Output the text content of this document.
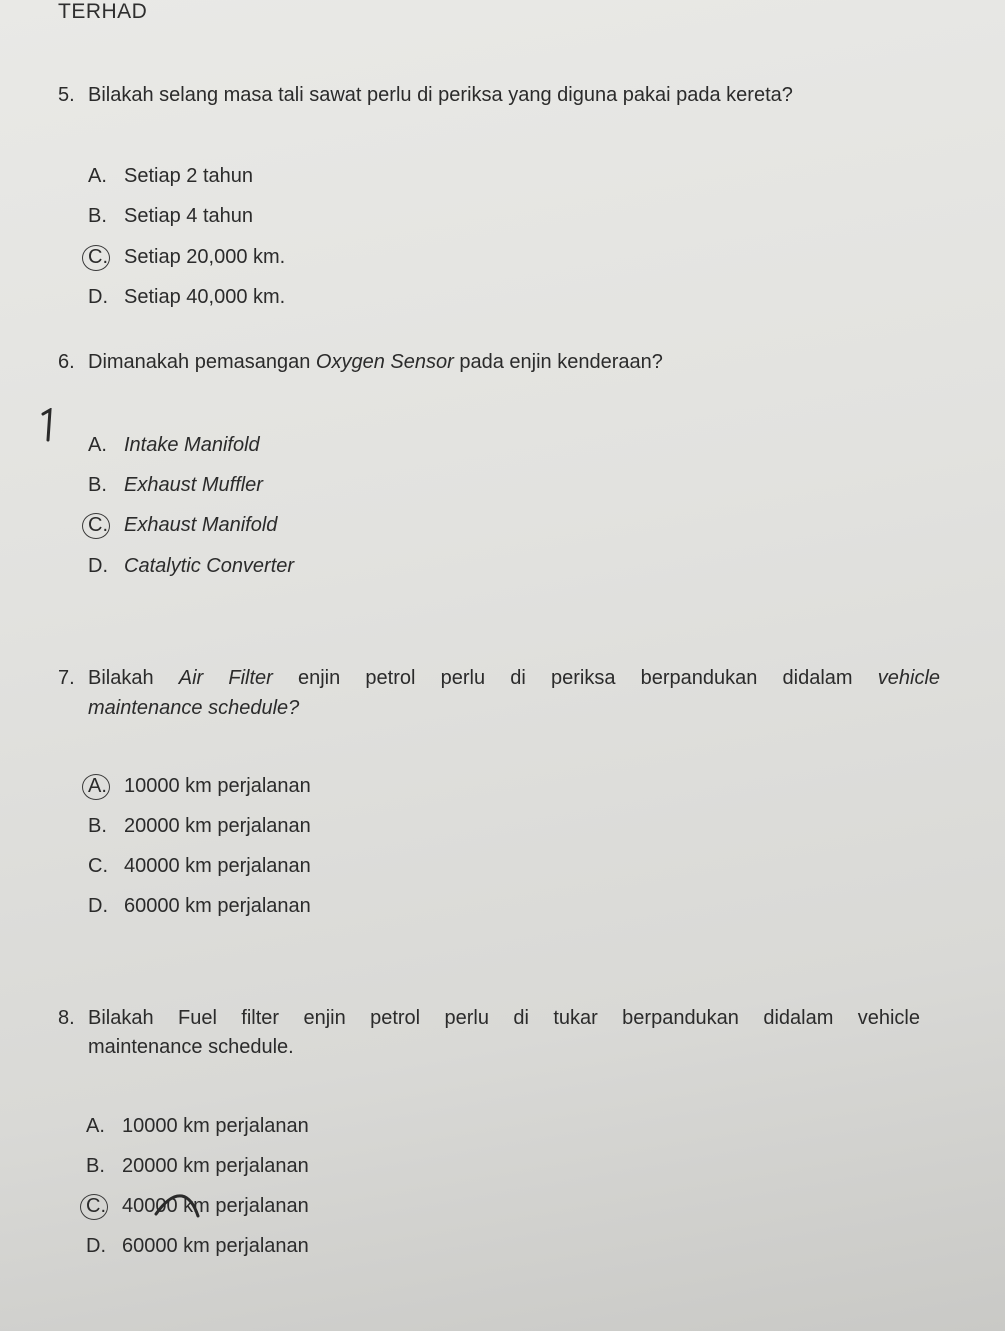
TERHAD
5. Bilakah selang masa tali sawat perlu di periksa yang diguna pakai pada kereta?
A. Setiap 2 tahun
B. Setiap 4 tahun
C. Setiap 20,000 km.
D. Setiap 40,000 km.
6. Dimanakah pemasangan Oxygen Sensor pada enjin kenderaan?
A. Intake Manifold
B. Exhaust Muffler
C. Exhaust Manifold
D. Catalytic Converter
7. Bilakah Air Filter enjin petrol perlu di periksa berpandukan didalam vehicle
maintenance schedule?
A. 10000 km perjalanan
B. 20000 km perjalanan
C. 40000 km perjalanan
D. 60000 km perjalanan
8. Bilakah Fuel filter enjin petrol perlu di tukar berpandukan didalam vehicle
maintenance schedule.
A. 10000 km perjalanan
B. 20000 km perjalanan
C. 40000 km perjalanan
D. 60000 km perjalanan
